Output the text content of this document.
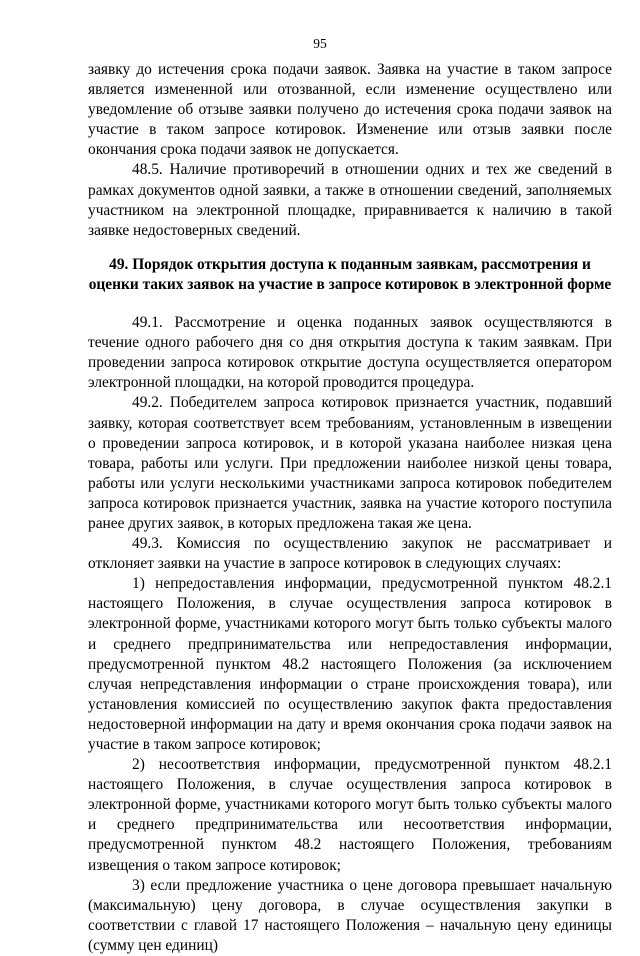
95

заявку до истечения срока подачи заявок. Заявка на участие в таком запросе является измененной или отозванной, если изменение осуществлено или уведомление об отзыве заявки получено до истечения срока подачи заявок на участие в таком запросе котировок. Изменение или отзыв заявки после окончания срока подачи заявок не допускается.

48.5. Наличие противоречий в отношении одних и тех же сведений в рамках документов одной заявки, а также в отношении сведений, заполняемых участником на электронной площадке, приравнивается к наличию в такой заявке недостоверных сведений.

49. Порядок открытия доступа к поданным заявкам, рассмотрения и оценки таких заявок на участие в запросе котировок в электронной форме

49.1. Рассмотрение и оценка поданных заявок осуществляются в течение одного рабочего дня со дня открытия доступа к таким заявкам. При проведении запроса котировок открытие доступа осуществляется оператором электронной площадки, на которой проводится процедура.

49.2. Победителем запроса котировок признается участник, подавший заявку, которая соответствует всем требованиям, установленным в извещении о проведении запроса котировок, и в которой указана наиболее низкая цена товара, работы или услуги. При предложении наиболее низкой цены товара, работы или услуги несколькими участниками запроса котировок победителем запроса котировок признается участник, заявка на участие которого поступила ранее других заявок, в которых предложена такая же цена.

49.3. Комиссия по осуществлению закупок не рассматривает и отклоняет заявки на участие в запросе котировок в следующих случаях:

1) непредоставления информации, предусмотренной пунктом 48.2.1 настоящего Положения, в случае осуществления запроса котировок в электронной форме, участниками которого могут быть только субъекты малого и среднего предпринимательства или непредоставления информации, предусмотренной пунктом 48.2 настоящего Положения (за исключением случая непредставления информации о стране происхождения товара), или установления комиссией по осуществлению закупок факта предоставления недостоверной информации на дату и время окончания срока подачи заявок на участие в таком запросе котировок;

2) несоответствия информации, предусмотренной пунктом 48.2.1 настоящего Положения, в случае осуществления запроса котировок в электронной форме, участниками которого могут быть только субъекты малого и среднего предпринимательства или несоответствия информации, предусмотренной пунктом 48.2 настоящего Положения, требованиям извещения о таком запросе котировок;

3) если предложение участника о цене договора превышает начальную (максимальную) цену договора, в случае осуществления закупки в соответствии с главой 17 настоящего Положения – начальную цену единицы (сумму цен единиц)
